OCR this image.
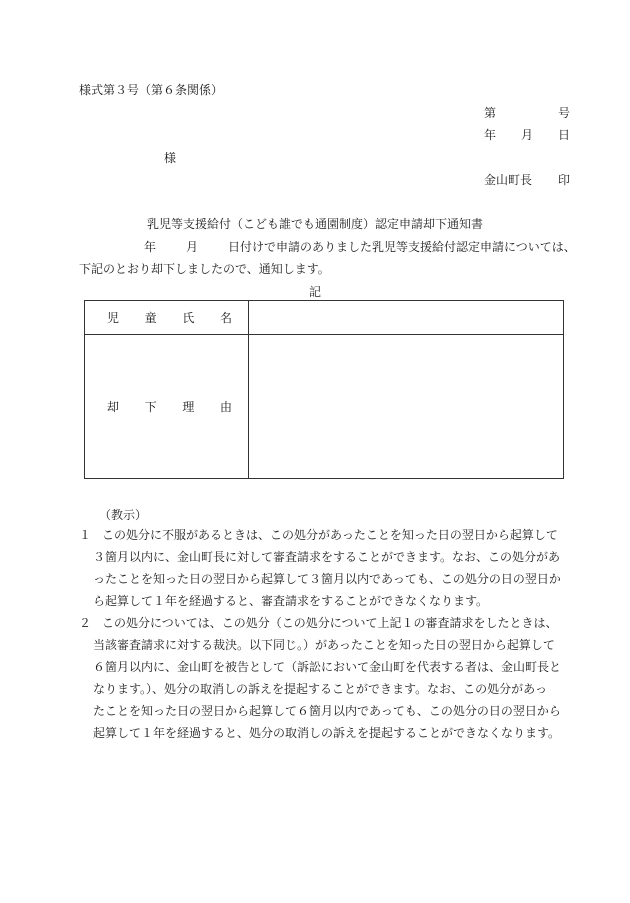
様式第３号（第６条関係）
第	号
年 月 日
様
金山町長 印
乳児等支援給付（こども誰でも通園制度）認定申請却下通知書
年	月	日付けで申請のありました乳児等支援給付認定申請については、
下記のとおり却下しましたので、通知します。
記
児 童 氏 名	

却 下 理 由	

（教示）
１ この処分に不服があるときは、この処分があったことを知った日の翌日から起算して
３箇月以内に、金山町長に対して審査請求をすることができます。なお、この処分があ
ったことを知った日の翌日から起算して３箇月以内であっても、この処分の日の翌日か
ら起算して１年を経過すると、審査請求をすることができなくなります。
２ この処分については、この処分（この処分について上記１の審査請求をしたときは、
当該審査請求に対する裁決。以下同じ。）があったことを知った日の翌日から起算して
６箇月以内に、金山町を被告として（訴訟において金山町を代表する者は、金山町長と
なります。）、処分の取消しの訴えを提起することができます。なお、この処分があっ
たことを知った日の翌日から起算して６箇月以内であっても、この処分の日の翌日から
起算して１年を経過すると、処分の取消しの訴えを提起することができなくなります。
